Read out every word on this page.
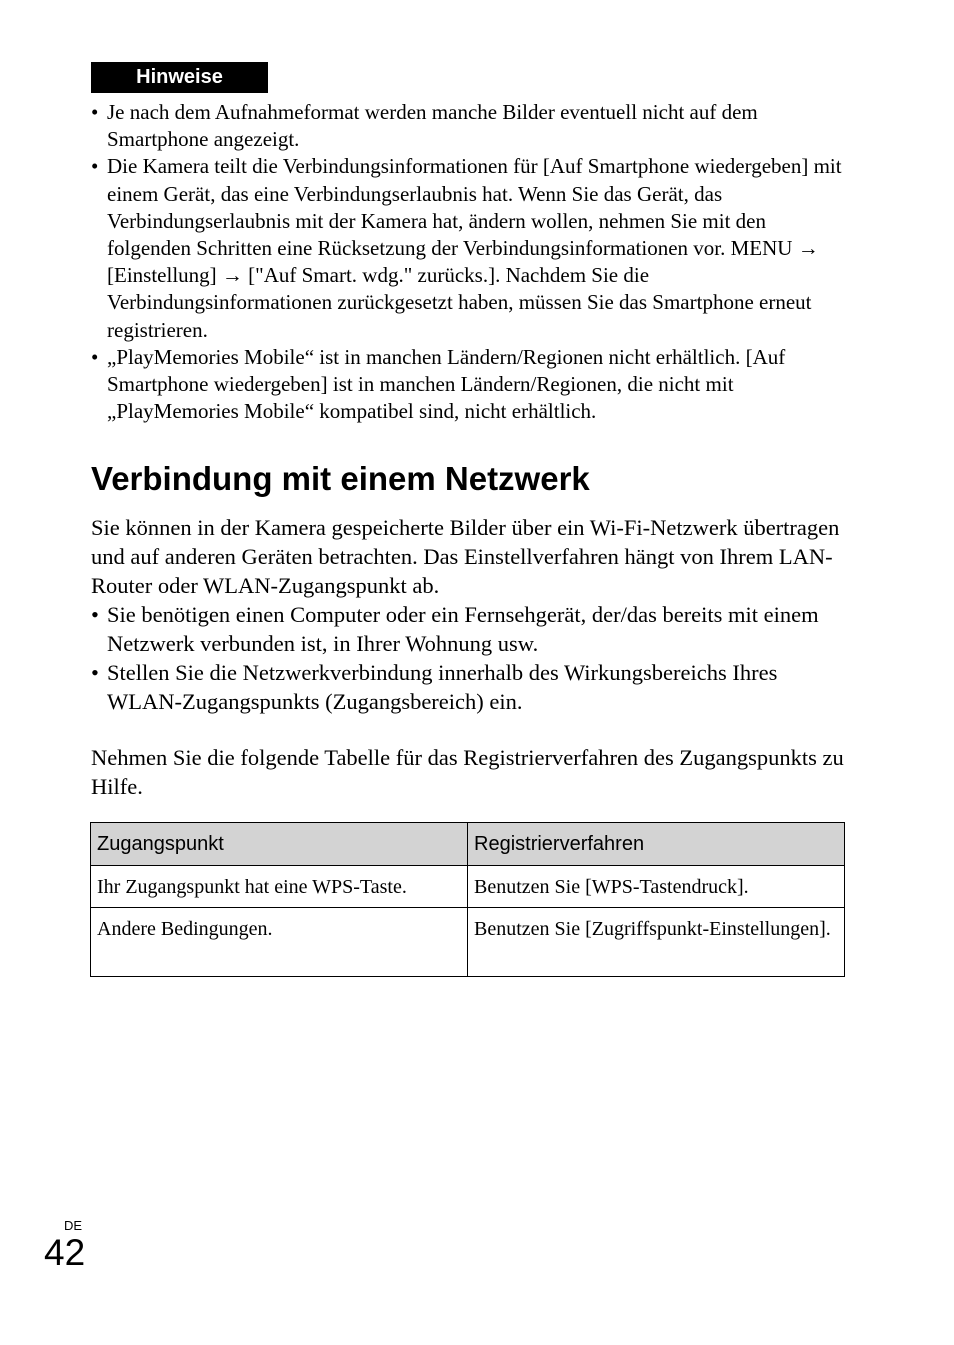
Hinweise
• Je nach dem Aufnahmeformat werden manche Bilder eventuell nicht auf dem Smartphone angezeigt.
• Die Kamera teilt die Verbindungsinformationen für [Auf Smartphone wiedergeben] mit einem Gerät, das eine Verbindungserlaubnis hat. Wenn Sie das Gerät, das Verbindungserlaubnis mit der Kamera hat, ändern wollen, nehmen Sie mit den folgenden Schritten eine Rücksetzung der Verbindungsinformationen vor. MENU → [Einstellung] → ["Auf Smart. wdg." zurücks.]. Nachdem Sie die Verbindungsinformationen zurückgesetzt haben, müssen Sie das Smartphone erneut registrieren.
• „PlayMemories Mobile“ ist in manchen Ländern/Regionen nicht erhältlich. [Auf Smartphone wiedergeben] ist in manchen Ländern/Regionen, die nicht mit „PlayMemories Mobile“ kompatibel sind, nicht erhältlich.
Verbindung mit einem Netzwerk

Sie können in der Kamera gespeicherte Bilder über ein Wi-Fi-Netzwerk übertragen und auf anderen Geräten betrachten. Das Einstellverfahren hängt von Ihrem LAN-Router oder WLAN-Zugangspunkt ab.

• Sie benötigen einen Computer oder ein Fernsehgerät, der/das bereits mit einem Netzwerk verbunden ist, in Ihrer Wohnung usw.
• Stellen Sie die Netzwerkverbindung innerhalb des Wirkungsbereichs Ihres WLAN-Zugangspunkts (Zugangsbereich) ein.

Nehmen Sie die folgende Tabelle für das Registrierverfahren des Zugangspunkts zu Hilfe.

Zugangspunkt	Registrierverfahren
Ihr Zugangspunkt hat eine WPS-Taste.	Benutzen Sie [WPS-Tastendruck].
Andere Bedingungen.	Benutzen Sie [Zugriffspunkt-Einstellungen].
DE
42
